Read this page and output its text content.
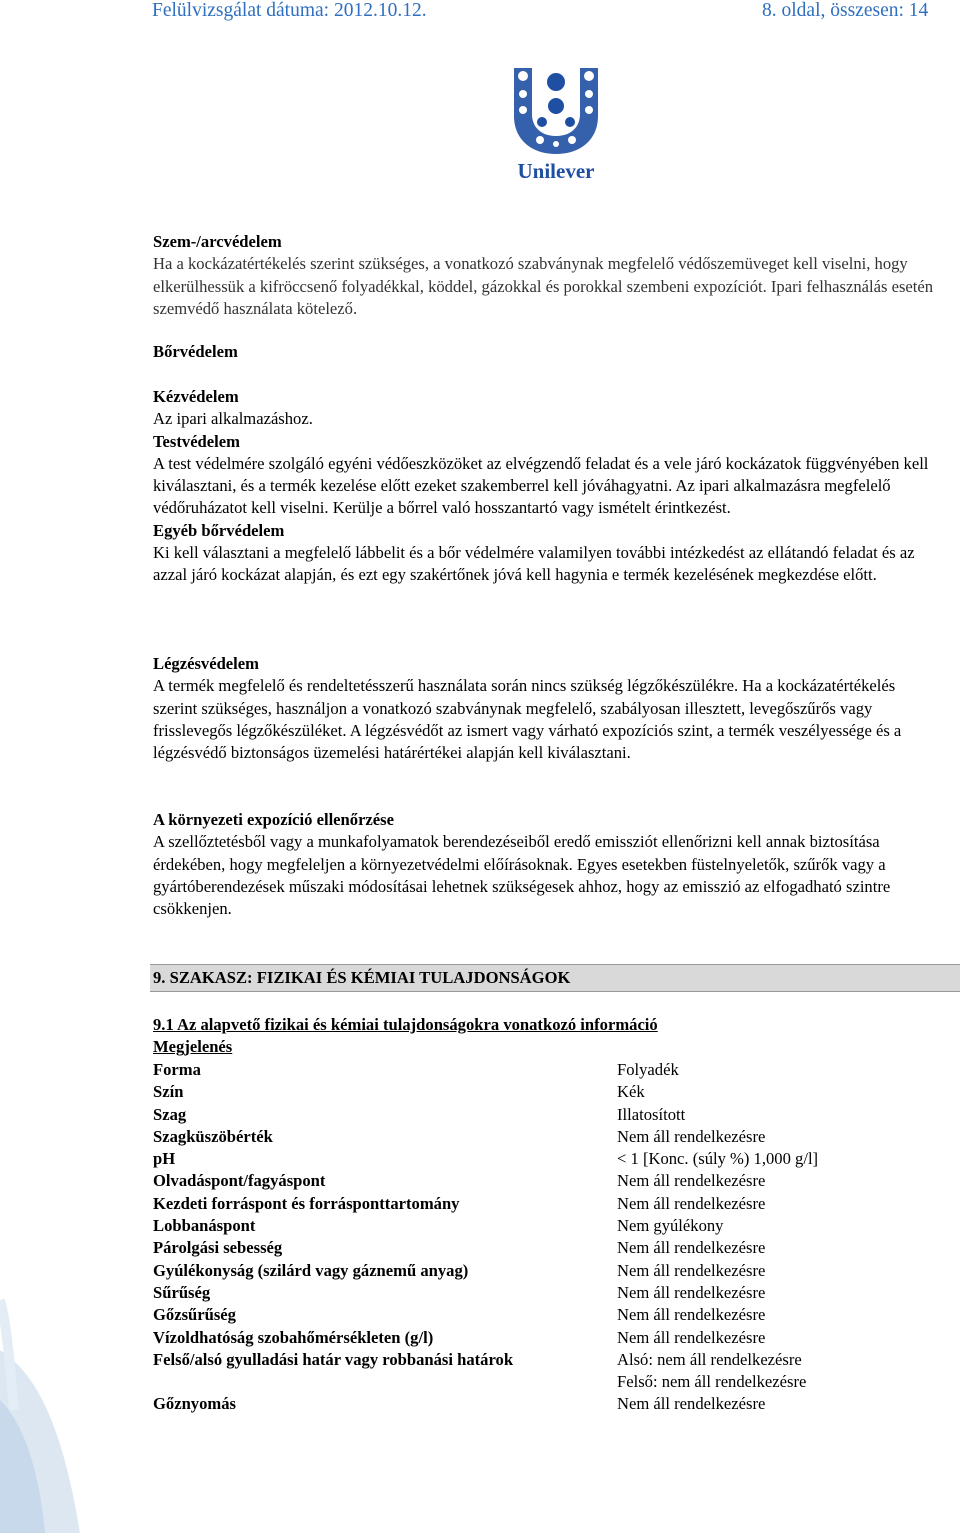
Felülvizsgálat dátuma: 2012.10.12.	8. oldal, összesen: 14
Unilever

Szem-/arcvédelem

Ha a kockázatértékelés szerint szükséges, a vonatkozó szabványnak megfelelő védőszemüveget kell viselni, hogy elkerülhessük a kifröccsenő folyadékkal, köddel, gázokkal és porokkal szembeni expozíciót. Ipari felhasználás esetén szemvédő használata kötelező.

Bőrvédelem

Kézvédelem

Az ipari alkalmazáshoz.

Testvédelem

A test védelmére szolgáló egyéni védőeszközöket az elvégzendő feladat és a vele járó kockázatok függvényében kell kiválasztani, és a termék kezelése előtt ezeket szakemberrel kell jóváhagyatni. Az ipari alkalmazásra megfelelő védőruházatot kell viselni. Kerülje a bőrrel való hosszantartó vagy ismételt érintkezést.

Egyéb bőrvédelem

Ki kell választani a megfelelő lábbelit és a bőr védelmére valamilyen további intézkedést az ellátandó feladat és az azzal járó kockázat alapján, és ezt egy szakértőnek jóvá kell hagynia e termék kezelésének megkezdése előtt.

Légzésvédelem

A termék megfelelő és rendeltetésszerű használata során nincs szükség légzőkészülékre. Ha a kockázatértékelés szerint szükséges, használjon a vonatkozó szabványnak megfelelő, szabályosan illesztett, levegőszűrős vagy frisslevegős légzőkészüléket. A légzésvédőt az ismert vagy várható expozíciós szint, a termék veszélyessége és a légzésvédő biztonságos üzemelési határértékei alapján kell kiválasztani.

A környezeti expozíció ellenőrzése

A szellőztetésből vagy a munkafolyamatok berendezéseiből eredő emissziót ellenőrizni kell annak biztosítása érdekében, hogy megfeleljen a környezetvédelmi előírásoknak. Egyes esetekben füstelnyeletők, szűrők vagy a gyártóberendezések műszaki módosításai lehetnek szükségesek ahhoz, hogy az emisszió az elfogadható szintre csökkenjen.

9. SZAKASZ: FIZIKAI ÉS KÉMIAI TULAJDONSÁGOK
9.1 Az alapvető fizikai és kémiai tulajdonságokra vonatkozó információ
Megjelenés
Forma	Folyadék
Szín	Kék
Szag	Illatosított
Szagküszöbérték	Nem áll rendelkezésre
pH	< 1 [Konc. (súly %) 1,000 g/l]
Olvadáspont/fagyáspont	Nem áll rendelkezésre
Kezdeti forráspont és forrásponttartomány	Nem áll rendelkezésre
Lobbanáspont	Nem gyúlékony
Párolgási sebesség	Nem áll rendelkezésre
Gyúlékonyság (szilárd vagy gáznemű anyag)	Nem áll rendelkezésre
Sűrűség	Nem áll rendelkezésre
Gőzsűrűség	Nem áll rendelkezésre
Vízoldhatóság szobahőmérsékleten (g/l)	Nem áll rendelkezésre
Felső/alsó gyulladási határ vagy robbanási határok	Alsó: nem áll rendelkezésre
Felső: nem áll rendelkezésre
Gőznyomás	Nem áll rendelkezésre
